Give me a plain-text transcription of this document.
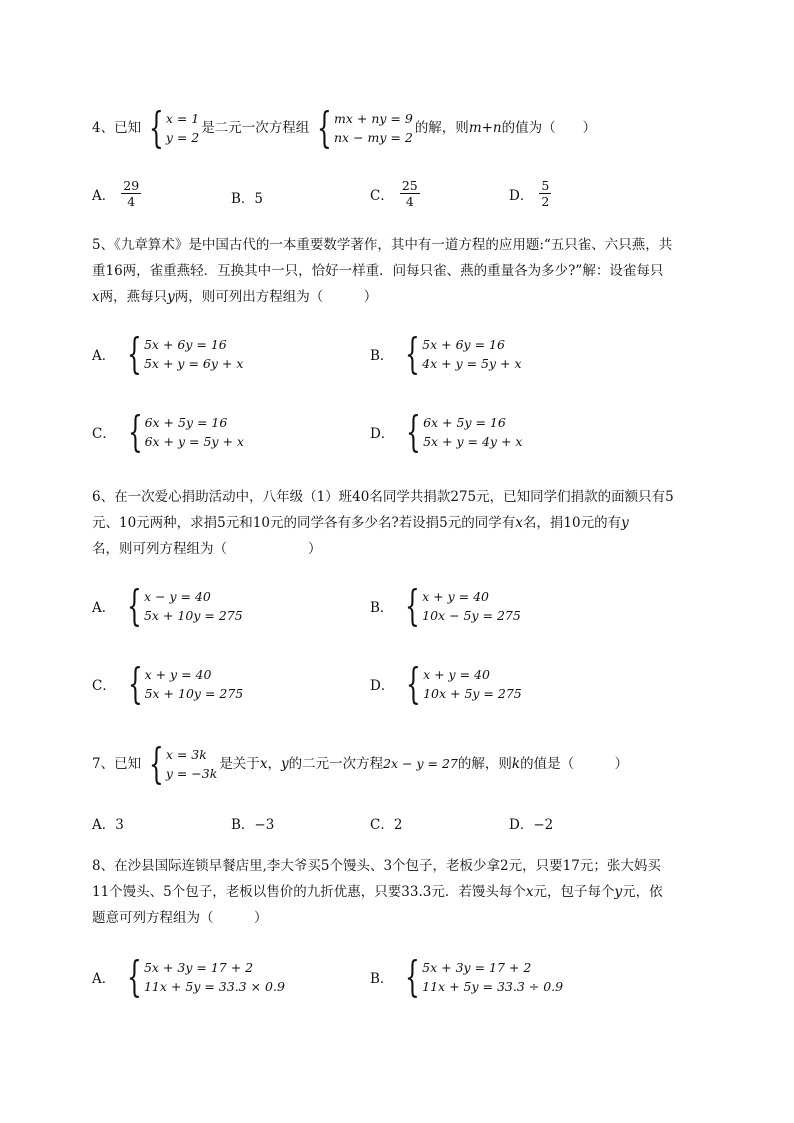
4、已知 { x = 1
y = 2
是二元一次方程组 { mx + ny = 9
nx − my = 2
的解，则 m+n 的值为（　　）
A． $\frac{29}{4}$	B．5	C． $\frac{25}{4}$	D． $\frac{5}{2}$
5、《九章算术》是中国古代的一本重要数学著作，其中有一道方程的应用题:“五只雀、六只燕，共
重16两，雀重燕轻．互换其中一只，恰好一样重．问每只雀、燕的重量各为多少?”解：设雀每只
x两，燕每只y两，则可列出方程组为（　　　）
A． { 5x + 6y = 16
5x + y = 6y + x	B． { 5x + 6y = 16
4x + y = 5y + x
C． { 6x + 5y = 16
6x + y = 5y + x	D． { 6x + 5y = 16
5x + y = 4y + x
6、在一次爱心捐助活动中，八年级（1）班40名同学共捐款275元，已知同学们捐款的面额只有5
元、10元两种，求捐5元和10元的同学各有多少名?若设捐5元的同学有x名，捐10元的有y
名，则可列方程组为（　　　　　　）
A． { x − y = 40
5x + 10y = 275	B． { x + y = 40
10x − 5y = 275
C． { x + y = 40
5x + 10y = 275	D． { x + y = 40
10x + 5y = 275
7、已知 { x = 3k
y = −3k
是关于 x ， y 的二元一次方程 2x − y = 27 的解，则 k 的值是（　　　）
A．3	B．−3	C．2	D．−2
8、在沙县国际连锁早餐店里,李大爷买5个馒头、3个包子，老板少拿2元，只要17元；张大妈买
11个馒头、5个包子，老板以售价的九折优惠，只要33.3元．若馒头每个x元，包子每个y元，依
题意可列方程组为（　　　）
A． { 5x + 3y = 17 + 2
11x + 5y = 33.3 × 0.9	B． { 5x + 3y = 17 + 2
11x + 5y = 33.3 ÷ 0.9
